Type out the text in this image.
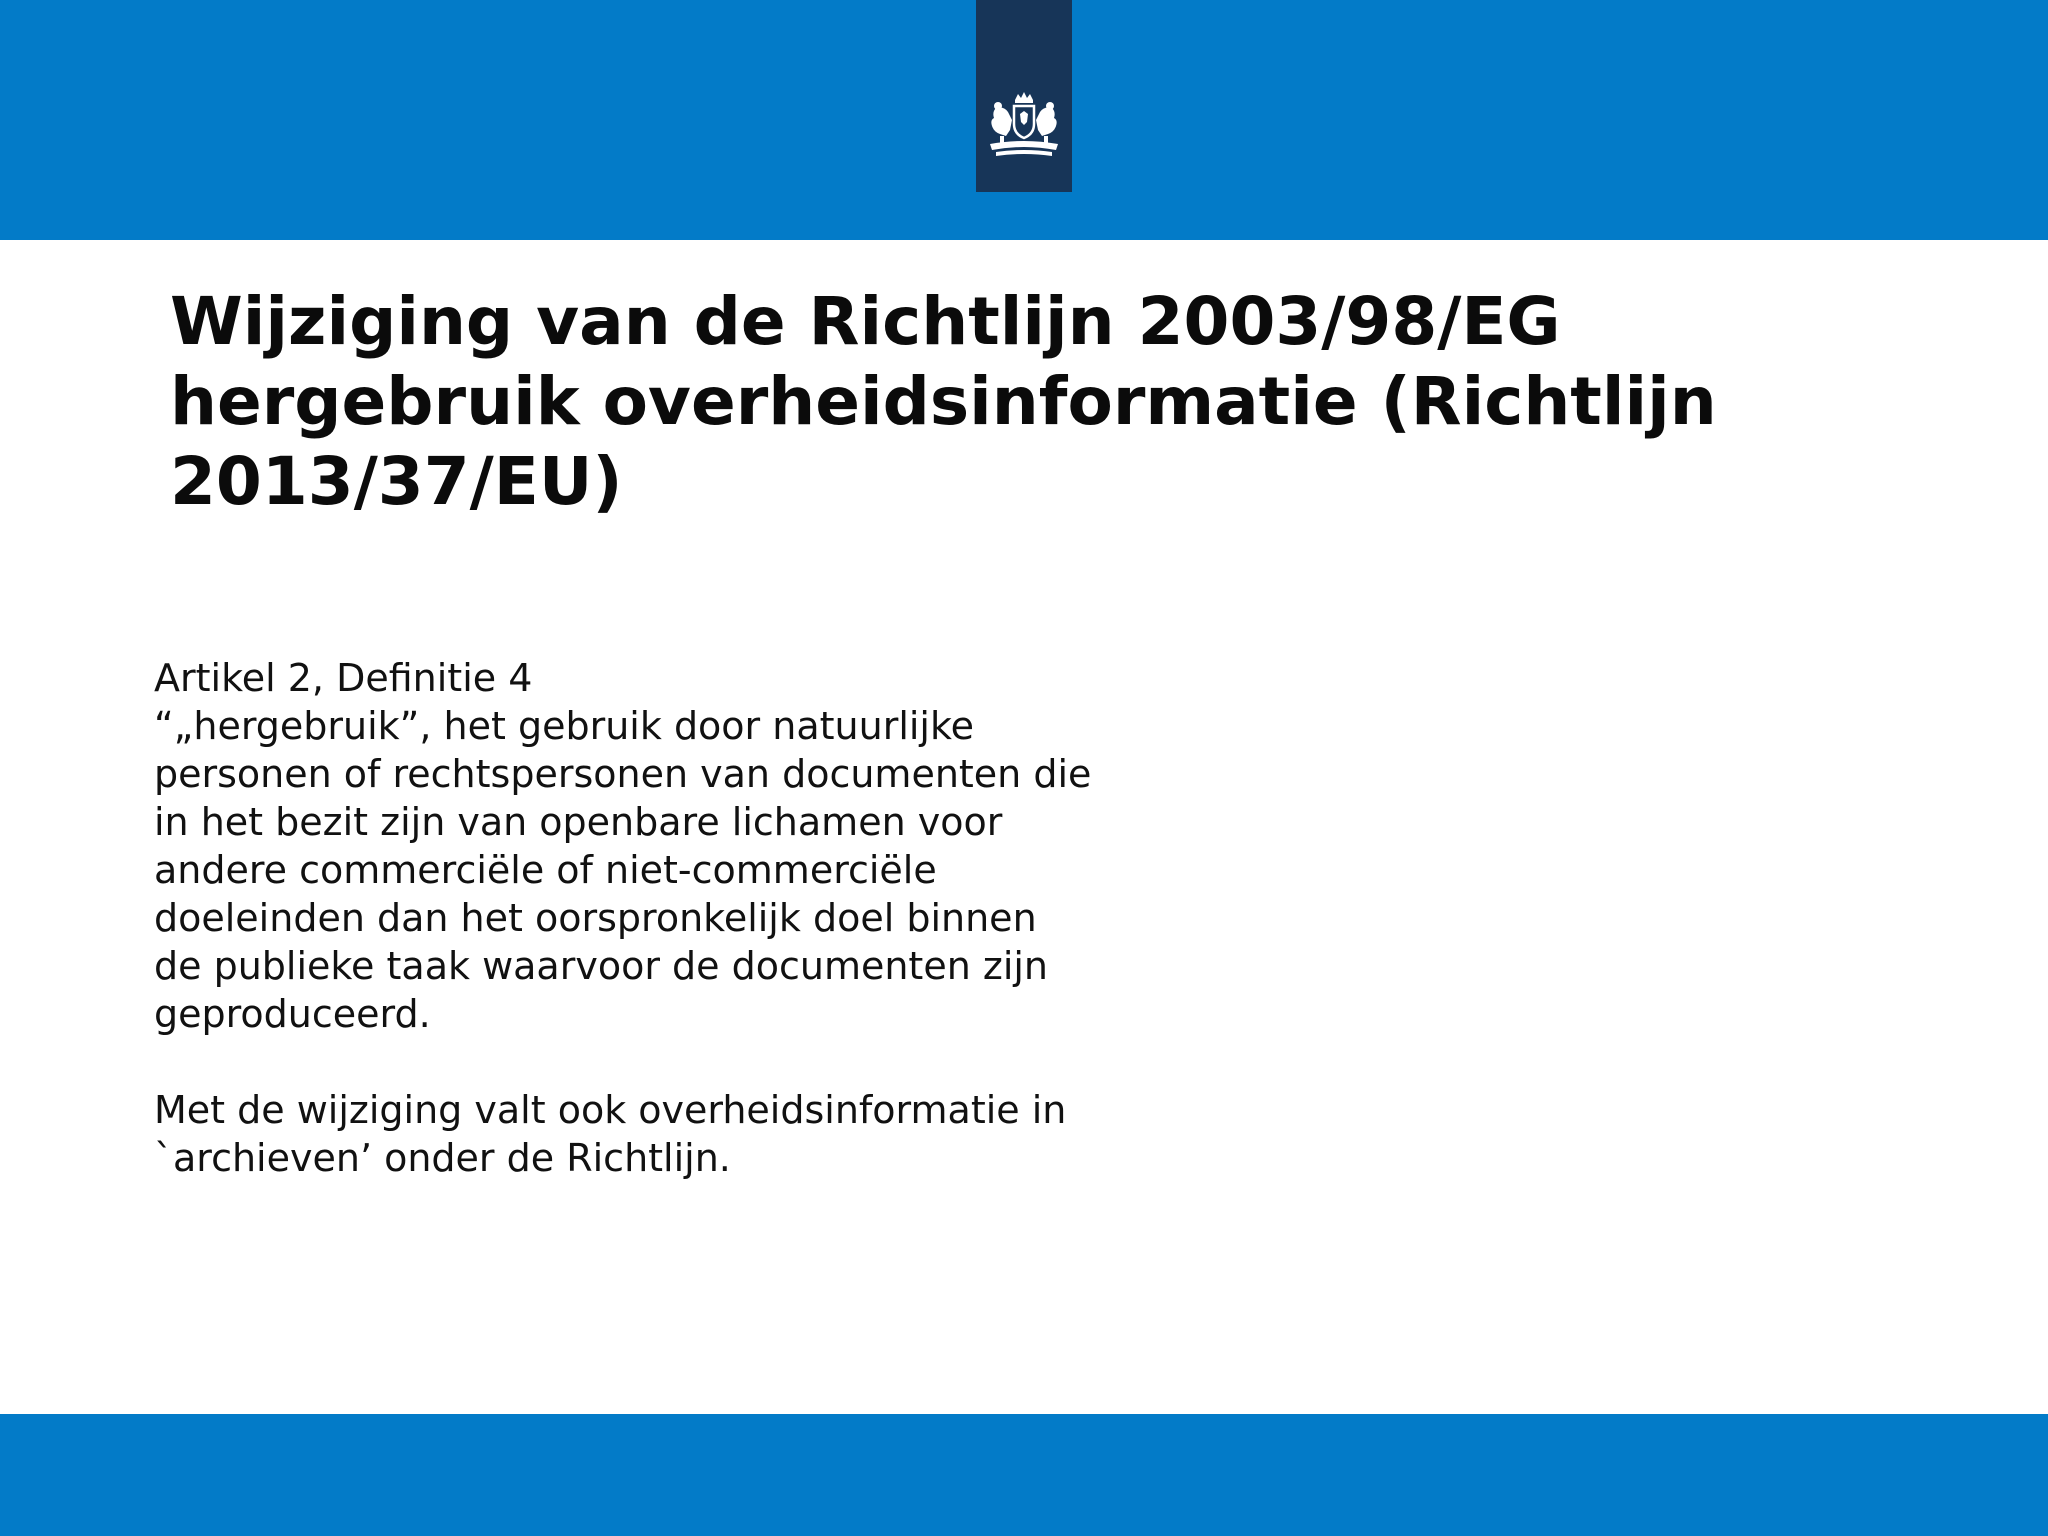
Wijziging van de Richtlijn 2003/98/EG
hergebruik overheidsinformatie (Richtlijn
2013/37/EU)

Artikel 2, Definitie 4

“„hergebruik”, het gebruik door natuurlijke
personen of rechtspersonen van documenten die
in het bezit zijn van openbare lichamen voor
andere commerciële of niet-commerciële
doeleinden dan het oorspronkelijk doel binnen
de publieke taak waarvoor de documenten zijn
geproduceerd.

Met de wijziging valt ook overheidsinformatie in
`archieven’ onder de Richtlijn.
